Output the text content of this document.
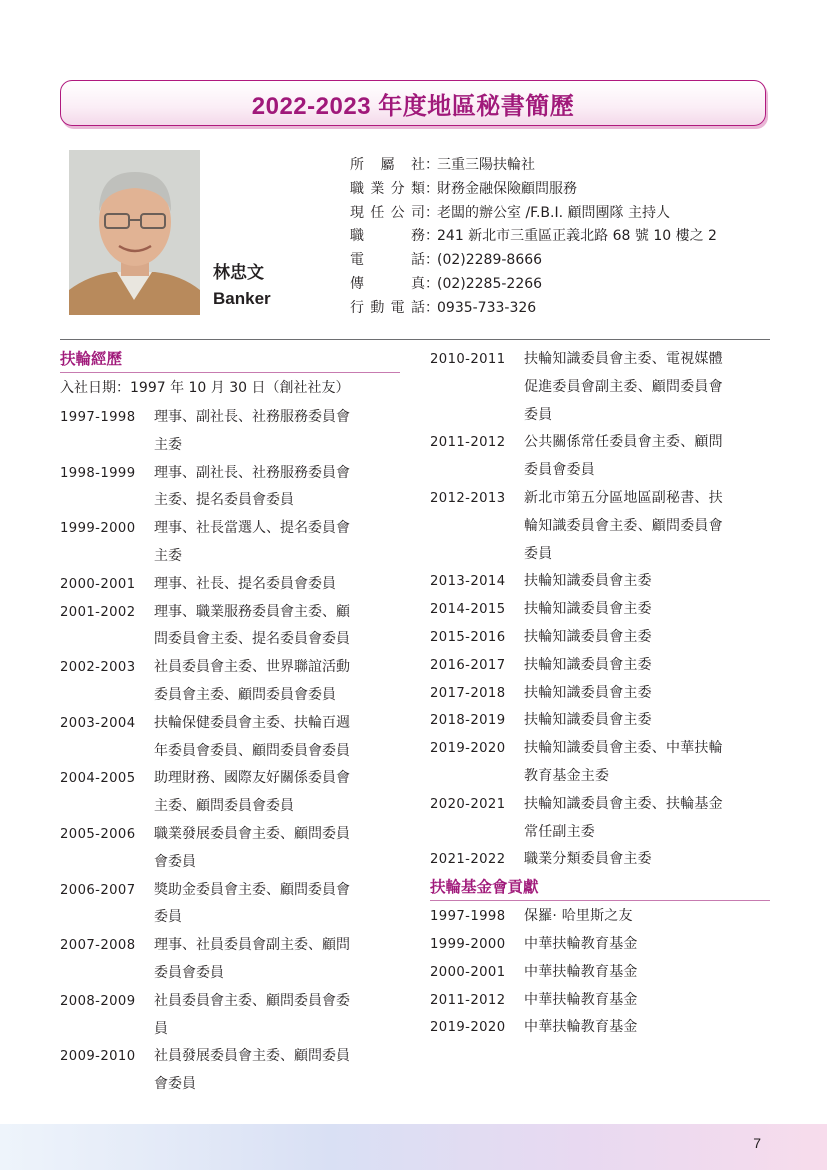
2022-2023 年度地區秘書簡歷
林忠文
Banker
所屬社 ：
三重三陽扶輪社
職業分類 ：
財務金融保險顧問服務
現任公司 ：
老闆的辦公室 /F.B.I. 顧問團隊 主持人
職務 ：
241 新北市三重區正義北路 68 號 10 樓之 2
電話 ：
(02)2289-8666
傳真 ：
(02)2285-2266
行動電話 ：
0935-733-326
扶輪經歷
入社日期：1997 年 10 月 30 日（創社社友）
1997-1998	理事、副社長、社務服務委員會
主委
1998-1999	理事、副社長、社務服務委員會
主委、提名委員會委員
1999-2000	理事、社長當選人、提名委員會
主委
2000-2001	理事、社長、提名委員會委員
2001-2002	理事、職業服務委員會主委、顧
問委員會主委、提名委員會委員
2002-2003	社員委員會主委、世界聯誼活動
委員會主委、顧問委員會委員
2003-2004	扶輪保健委員會主委、扶輪百週
年委員會委員、顧問委員會委員
2004-2005	助理財務、國際友好關係委員會
主委、顧問委員會委員
2005-2006	職業發展委員會主委、顧問委員
會委員
2006-2007	獎助金委員會主委、顧問委員會
委員
2007-2008	理事、社員委員會副主委、顧問
委員會委員
2008-2009	社員委員會主委、顧問委員會委
員
2009-2010	社員發展委員會主委、顧問委員
會委員
2010-2011	扶輪知識委員會主委、電視媒體
促進委員會副主委、顧問委員會
委員
2011-2012	公共關係常任委員會主委、顧問
委員會委員
2012-2013	新北市第五分區地區副秘書、扶
輪知識委員會主委、顧問委員會
委員
2013-2014	扶輪知識委員會主委
2014-2015	扶輪知識委員會主委
2015-2016	扶輪知識委員會主委
2016-2017	扶輪知識委員會主委
2017-2018	扶輪知識委員會主委
2018-2019	扶輪知識委員會主委
2019-2020	扶輪知識委員會主委、中華扶輪
教育基金主委
2020-2021	扶輪知識委員會主委、扶輪基金
常任副主委
2021-2022	職業分類委員會主委
扶輪基金會貢獻
1997-1998	保羅· 哈里斯之友
1999-2000	中華扶輪教育基金
2000-2001	中華扶輪教育基金
2011-2012	中華扶輪教育基金
2019-2020	中華扶輪教育基金
7
